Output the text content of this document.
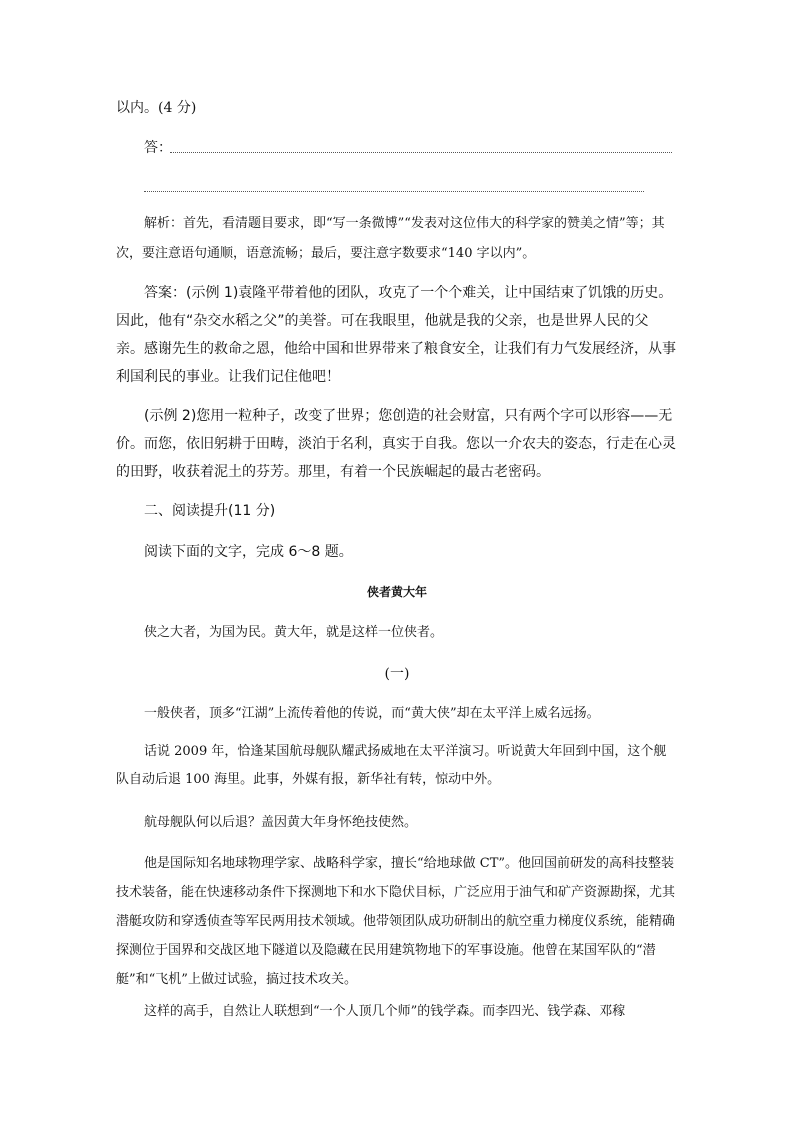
以内。(4 分)

答：

解析：首先，看清题目要求，即“写一条微博”“发表对这位伟大的科学家的赞美之情”等；其次，要注意语句通顺，语意流畅；最后，要注意字数要求“140 字以内”。

答案：(示例 1)袁隆平带着他的团队，攻克了一个个难关，让中国结束了饥饿的历史。因此，他有“杂交水稻之父”的美誉。可在我眼里，他就是我的父亲，也是世界人民的父亲。感谢先生的救命之恩，他给中国和世界带来了粮食安全，让我们有力气发展经济，从事利国利民的事业。让我们记住他吧！

(示例 2)您用一粒种子，改变了世界；您创造的社会财富，只有两个字可以形容——无价。而您，依旧躬耕于田畴，淡泊于名利，真实于自我。您以一介农夫的姿态，行走在心灵的田野，收获着泥土的芬芳。那里，有着一个民族崛起的最古老密码。

二、阅读提升(11 分)

阅读下面的文字，完成 6～8 题。

侠者黄大年

侠之大者，为国为民。黄大年，就是这样一位侠者。

(一)

一般侠者，顶多“江湖”上流传着他的传说，而“黄大侠”却在太平洋上威名远扬。

话说 2009 年，恰逢某国航母舰队耀武扬威地在太平洋演习。听说黄大年回到中国，这个舰队自动后退 100 海里。此事，外媒有报，新华社有转，惊动中外。

航母舰队何以后退？盖因黄大年身怀绝技使然。

他是国际知名地球物理学家、战略科学家，擅长“给地球做 CT”。他回国前研发的高科技整装技术装备，能在快速移动条件下探测地下和水下隐伏目标，广泛应用于油气和矿产资源勘探，尤其潜艇攻防和穿透侦查等军民两用技术领域。他带领团队成功研制出的航空重力梯度仪系统，能精确探测位于国界和交战区地下隧道以及隐藏在民用建筑物地下的军事设施。他曾在某国军队的“潜艇”和“飞机”上做过试验，搞过技术攻关。

这样的高手，自然让人联想到“一个人顶几个师”的钱学森。而李四光、钱学森、邓稼
